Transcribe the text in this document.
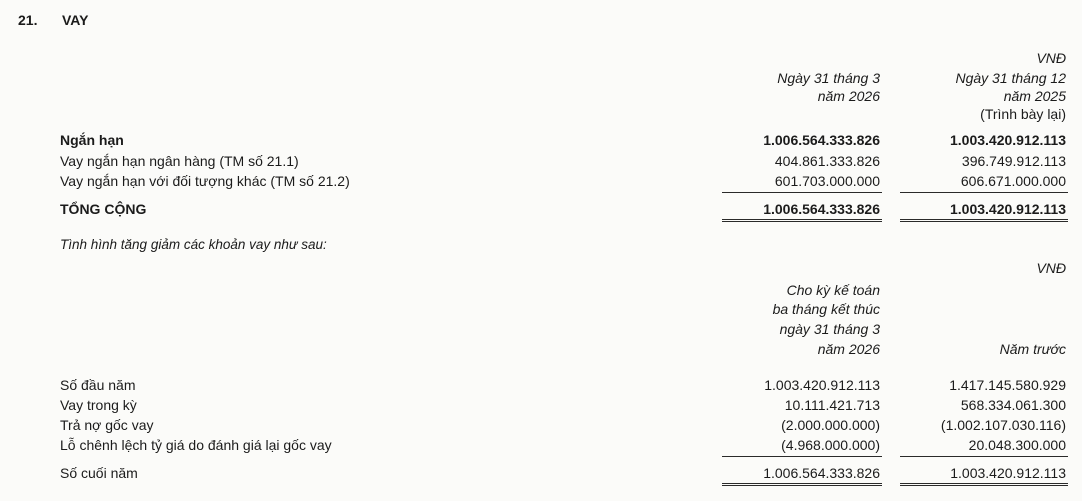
21. VAY
VNĐ
Ngày 31 tháng 3
năm 2026
Ngày 31 tháng 12
năm 2025
(Trình bày lại)
Ngắn hạn	1.006.564.333.826	1.003.420.912.113
Vay ngắn hạn ngân hàng (TM số 21.1)	404.861.333.826	396.749.912.113
Vay ngắn hạn với đối tượng khác (TM số 21.2)	601.703.000.000	606.671.000.000
TỔNG CỘNG	1.006.564.333.826	1.003.420.912.113
Tình hình tăng giảm các khoản vay như sau:
VNĐ
Cho kỳ kế toán
ba tháng kết thúc
ngày 31 tháng 3
năm 2026	Năm trước
Số đầu năm	1.003.420.912.113	1.417.145.580.929
Vay trong kỳ	10.111.421.713	568.334.061.300
Trả nợ gốc vay	(2.000.000.000)	(1.002.107.030.116)
Lỗ chênh lệch tỷ giá do đánh giá lại gốc vay	(4.968.000.000)	20.048.300.000
Số cuối năm	1.006.564.333.826	1.003.420.912.113
